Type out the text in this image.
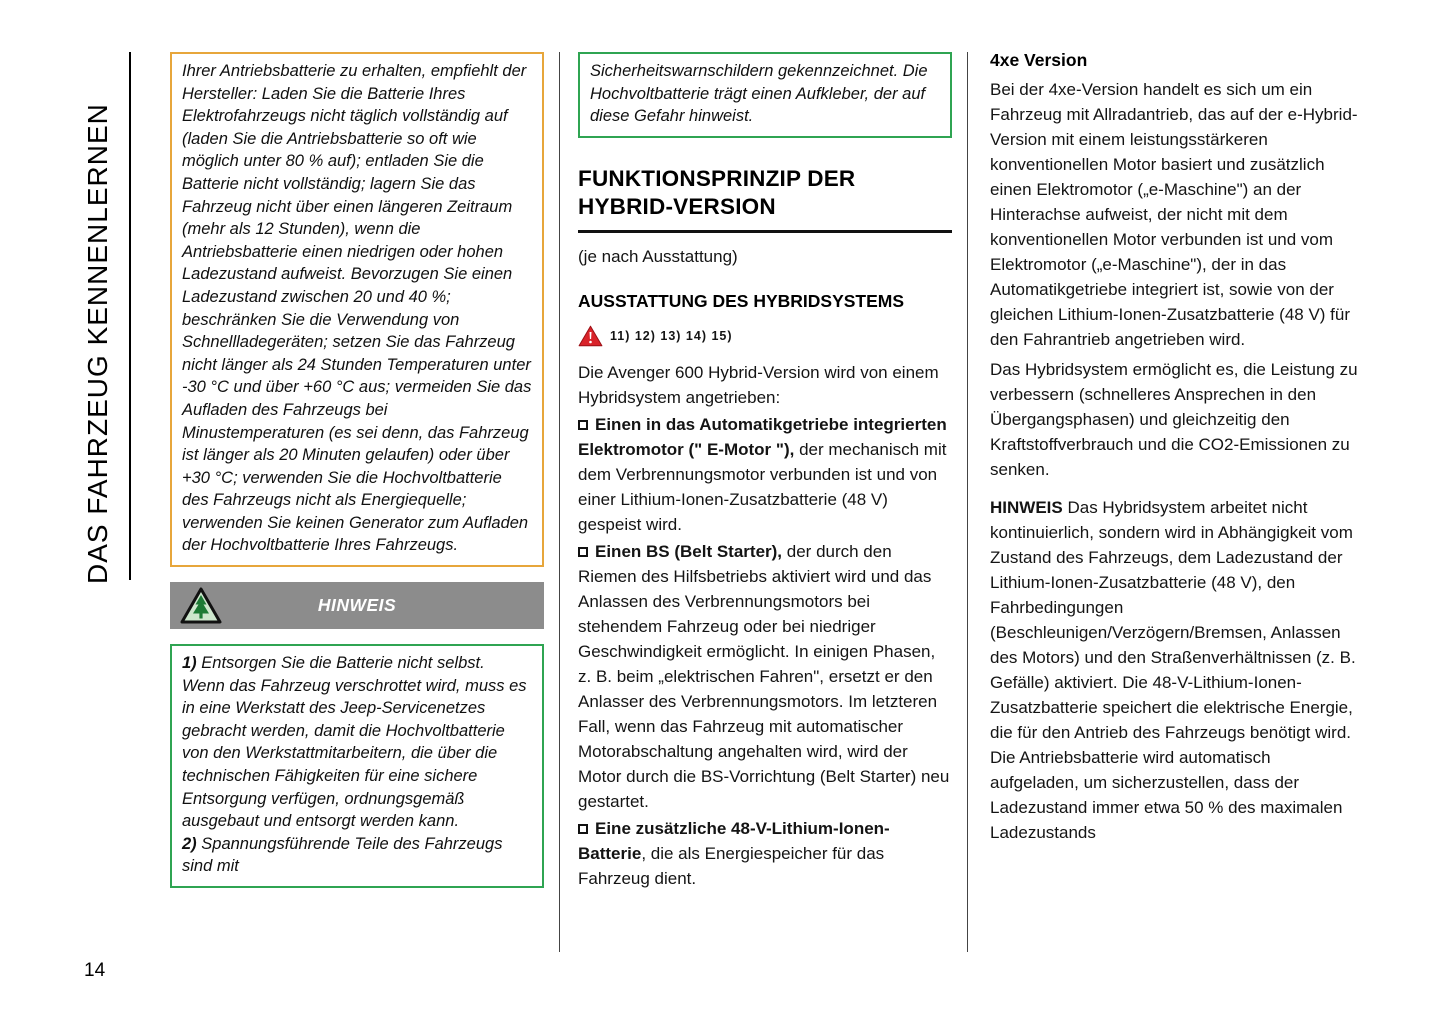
DAS FAHRZEUG KENNENLERNEN
14
Ihrer Antriebsbatterie zu erhalten, empfiehlt der Hersteller: Laden Sie die Batterie Ihres Elektrofahrzeugs nicht täglich vollständig auf (laden Sie die Antriebsbatterie so oft wie möglich unter 80 % auf); entladen Sie die Batterie nicht vollständig; lagern Sie das Fahrzeug nicht über einen längeren Zeitraum (mehr als 12 Stunden), wenn die Antriebsbatterie einen niedrigen oder hohen Ladezustand aufweist. Bevorzugen Sie einen Ladezustand zwischen 20 und 40 %; beschränken Sie die Verwendung von Schnellladegeräten; setzen Sie das Fahrzeug nicht länger als 24 Stunden Temperaturen unter -30 °C und über +60 °C aus; vermeiden Sie das Aufladen des Fahrzeugs bei Minustemperaturen (es sei denn, das Fahrzeug ist länger als 20 Minuten gelaufen) oder über +30 °C; verwenden Sie die Hochvoltbatterie des Fahrzeugs nicht als Energiequelle; verwenden Sie keinen Generator zum Aufladen der Hochvoltbatterie Ihres Fahrzeugs.
HINWEIS
1) Entsorgen Sie die Batterie nicht selbst. Wenn das Fahrzeug verschrottet wird, muss es in eine Werkstatt des Jeep-Servicenetzes gebracht werden, damit die Hochvoltbatterie von den Werkstattmitarbeitern, die über die technischen Fähigkeiten für eine sichere Entsorgung verfügen, ordnungsgemäß ausgebaut und entsorgt werden kann.
2) Spannungsführende Teile des Fahrzeugs sind mit
Sicherheitswarnschildern gekennzeichnet. Die Hochvoltbatterie trägt einen Aufkleber, der auf diese Gefahr hinweist.
FUNKTIONSPRINZIP DER HYBRID-VERSION
(je nach Ausstattung)
AUSSTATTUNG DES HYBRIDSYSTEMS
11) 12) 13) 14) 15)

Die Avenger 600 Hybrid-Version wird von einem Hybridsystem angetrieben:

Einen in das Automatikgetriebe integrierten Elektromotor (" E-Motor "), der mechanisch mit dem Verbrennungsmotor verbunden ist und von einer Lithium-Ionen-Zusatzbatterie (48 V) gespeist wird.

Einen BS (Belt Starter), der durch den Riemen des Hilfsbetriebs aktiviert wird und das Anlassen des Verbrennungsmotors bei stehendem Fahrzeug oder bei niedriger Geschwindigkeit ermöglicht. In einigen Phasen, z. B. beim „elektrischen Fahren", ersetzt er den Anlasser des Verbrennungsmotors. Im letzteren Fall, wenn das Fahrzeug mit automatischer Motorabschaltung angehalten wird, wird der Motor durch die BS-Vorrichtung (Belt Starter) neu gestartet.

Eine zusätzliche 48-V-Lithium-Ionen-Batterie, die als Energiespeicher für das Fahrzeug dient.

4xe Version

Bei der 4xe-Version handelt es sich um ein Fahrzeug mit Allradantrieb, das auf der e-Hybrid-Version mit einem leistungsstärkeren konventionellen Motor basiert und zusätzlich einen Elektromotor („e-Maschine") an der Hinterachse aufweist, der nicht mit dem konventionellen Motor verbunden ist und vom Elektromotor („e-Maschine"), der in das Automatikgetriebe integriert ist, sowie von der gleichen Lithium-Ionen-Zusatzbatterie (48 V) für den Fahrantrieb angetrieben wird.

Das Hybridsystem ermöglicht es, die Leistung zu verbessern (schnelleres Ansprechen in den Übergangsphasen) und gleichzeitig den Kraftstoffverbrauch und die CO2-Emissionen zu senken.

HINWEIS Das Hybridsystem arbeitet nicht kontinuierlich, sondern wird in Abhängigkeit vom Zustand des Fahrzeugs, dem Ladezustand der Lithium-Ionen-Zusatzbatterie (48 V), den Fahrbedingungen (Beschleunigen/Verzögern/Bremsen, Anlassen des Motors) und den Straßenverhältnissen (z. B. Gefälle) aktiviert. Die 48-V-Lithium-Ionen-Zusatzbatterie speichert die elektrische Energie, die für den Antrieb des Fahrzeugs benötigt wird. Die Antriebsbatterie wird automatisch aufgeladen, um sicherzustellen, dass der Ladezustand immer etwa 50 % des maximalen Ladezustands
